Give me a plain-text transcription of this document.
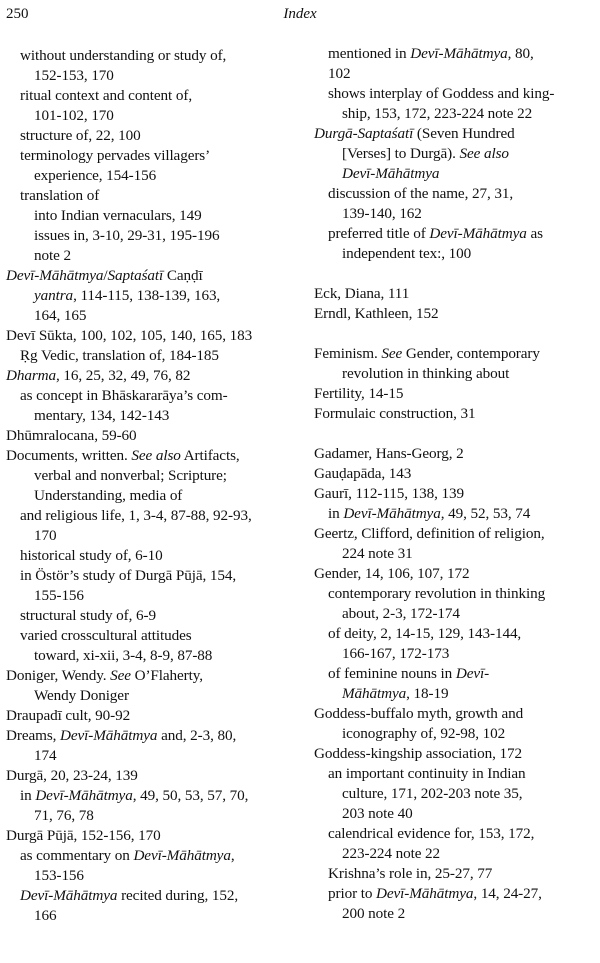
250	Index
without understanding or study of,
152-153, 170
ritual context and content of,
101-102, 170
structure of, 22, 100
terminology pervades villagers’
experience, 154-156
translation of
into Indian vernaculars, 149
issues in, 3-10, 29-31, 195-196
note 2
Devī-Māhātmya/Saptaśatī Caṇḍī
yantra, 114-115, 138-139, 163,
164, 165
Devī Sūkta, 100, 102, 105, 140, 165, 183
Ṛg Vedic, translation of, 184-185
Dharma, 16, 25, 32, 49, 76, 82
as concept in Bhāskararāya’s com-
mentary, 134, 142-143
Dhūmralocana, 59-60
Documents, written. See also Artifacts,
verbal and nonverbal; Scripture;
Understanding, media of
and religious life, 1, 3-4, 87-88, 92-93,
170
historical study of, 6-10
in Östör’s study of Durgā Pūjā, 154,
155-156
structural study of, 6-9
varied crosscultural attitudes
toward, xi-xii, 3-4, 8-9, 87-88
Doniger, Wendy. See O’Flaherty,
Wendy Doniger
Draupadī cult, 90-92
Dreams, Devī-Māhātmya and, 2-3, 80,
174
Durgā, 20, 23-24, 139
in Devī-Māhātmya, 49, 50, 53, 57, 70,
71, 76, 78
Durgā Pūjā, 152-156, 170
as commentary on Devī-Māhātmya,
153-156
Devī-Māhātmya recited during, 152,
166
mentioned in Devī-Māhātmya, 80,
102
shows interplay of Goddess and king-
ship, 153, 172, 223-224 note 22
Durgā-Saptaśatī (Seven Hundred
[Verses] to Durgā). See also
Devī-Māhātmya
discussion of the name, 27, 31,
139-140, 162
preferred title of Devī-Māhātmya as
independent tex:, 100
Eck, Diana, 111
Erndl, Kathleen, 152
Feminism. See Gender, contemporary
revolution in thinking about
Fertility, 14-15
Formulaic construction, 31
Gadamer, Hans-Georg, 2
Gauḍapāda, 143
Gaurī, 112-115, 138, 139
in Devī-Māhātmya, 49, 52, 53, 74
Geertz, Clifford, definition of religion,
224 note 31
Gender, 14, 106, 107, 172
contemporary revolution in thinking
about, 2-3, 172-174
of deity, 2, 14-15, 129, 143-144,
166-167, 172-173
of feminine nouns in Devī-
Māhātmya, 18-19
Goddess-buffalo myth, growth and
iconography of, 92-98, 102
Goddess-kingship association, 172
an important continuity in Indian
culture, 171, 202-203 note 35,
203 note 40
calendrical evidence for, 153, 172,
223-224 note 22
Krishna’s role in, 25-27, 77
prior to Devī-Māhātmya, 14, 24-27,
200 note 2
